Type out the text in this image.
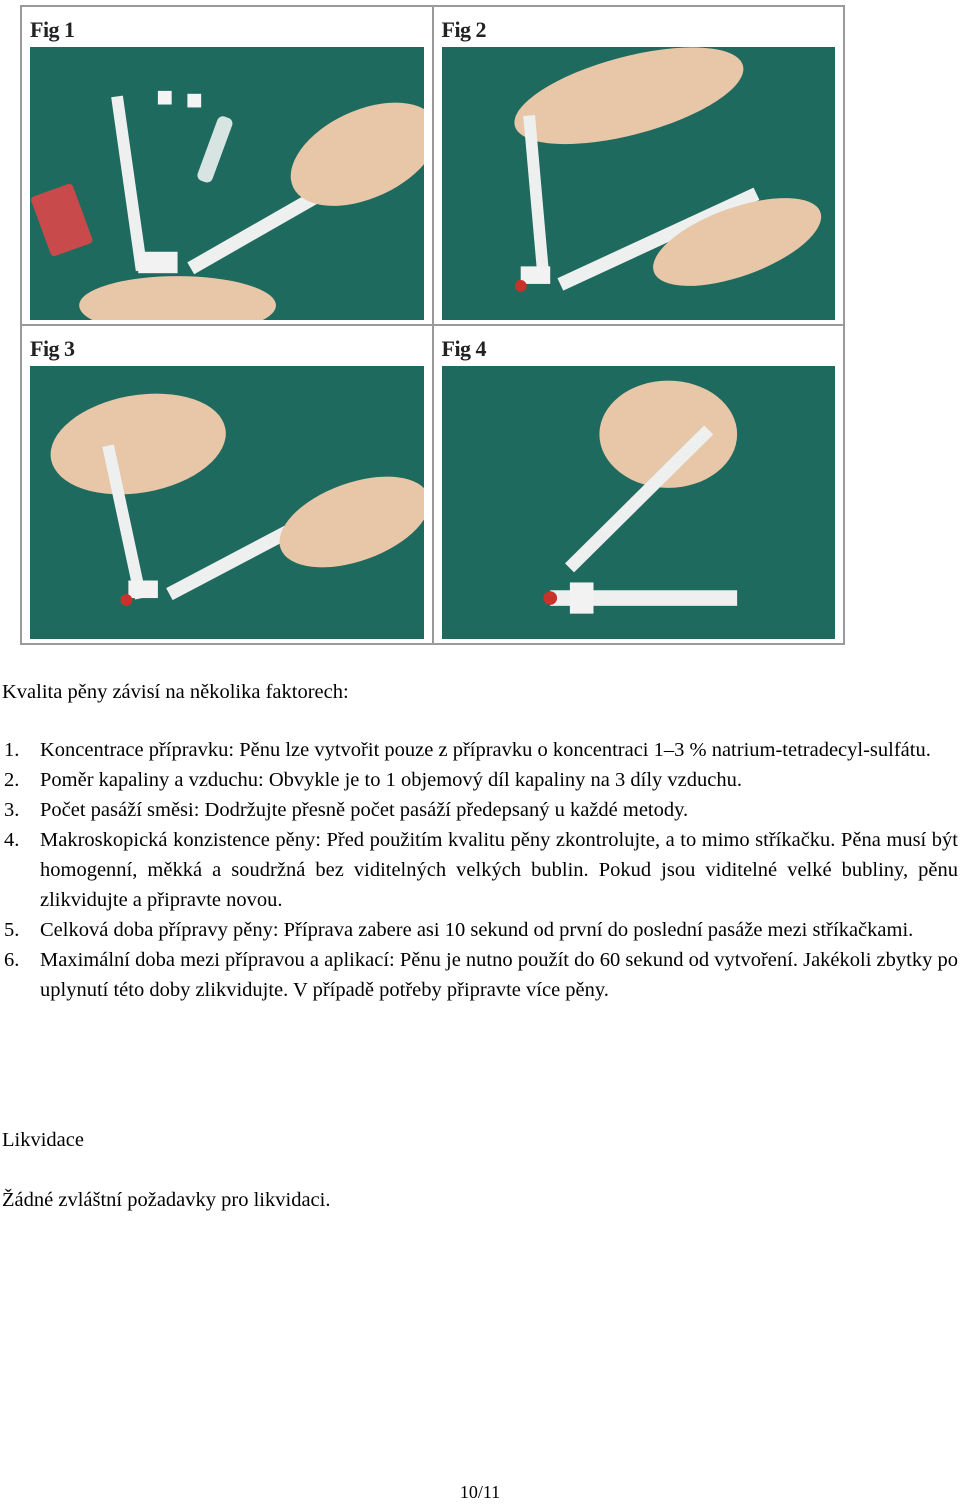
Fig 1	Fig 2
Fig 3	Fig 4
Kvalita pěny závisí na několika faktorech:
1. Koncentrace přípravku: Pěnu lze vytvořit pouze z přípravku o koncentraci 1–3 % natrium-tetradecyl-sulfátu.
2. Poměr kapaliny a vzduchu: Obvykle je to 1 objemový díl kapaliny na 3 díly vzduchu.
3. Počet pasáží směsi: Dodržujte přesně počet pasáží předepsaný u každé metody.
4. Makroskopická konzistence pěny: Před použitím kvalitu pěny zkontrolujte, a to mimo stříkačku. Pěna musí být homogenní, měkká a soudržná bez viditelných velkých bublin. Pokud jsou viditelné velké bubliny, pěnu zlikvidujte a připravte novou.
5. Celková doba přípravy pěny: Příprava zabere asi 10 sekund od první do poslední pasáže mezi stříkačkami.
6. Maximální doba mezi přípravou a aplikací: Pěnu je nutno použít do 60 sekund od vytvoření. Jakékoli zbytky po uplynutí této doby zlikvidujte. V případě potřeby připravte více pěny.
Likvidace
Žádné zvláštní požadavky pro likvidaci.
10/11
